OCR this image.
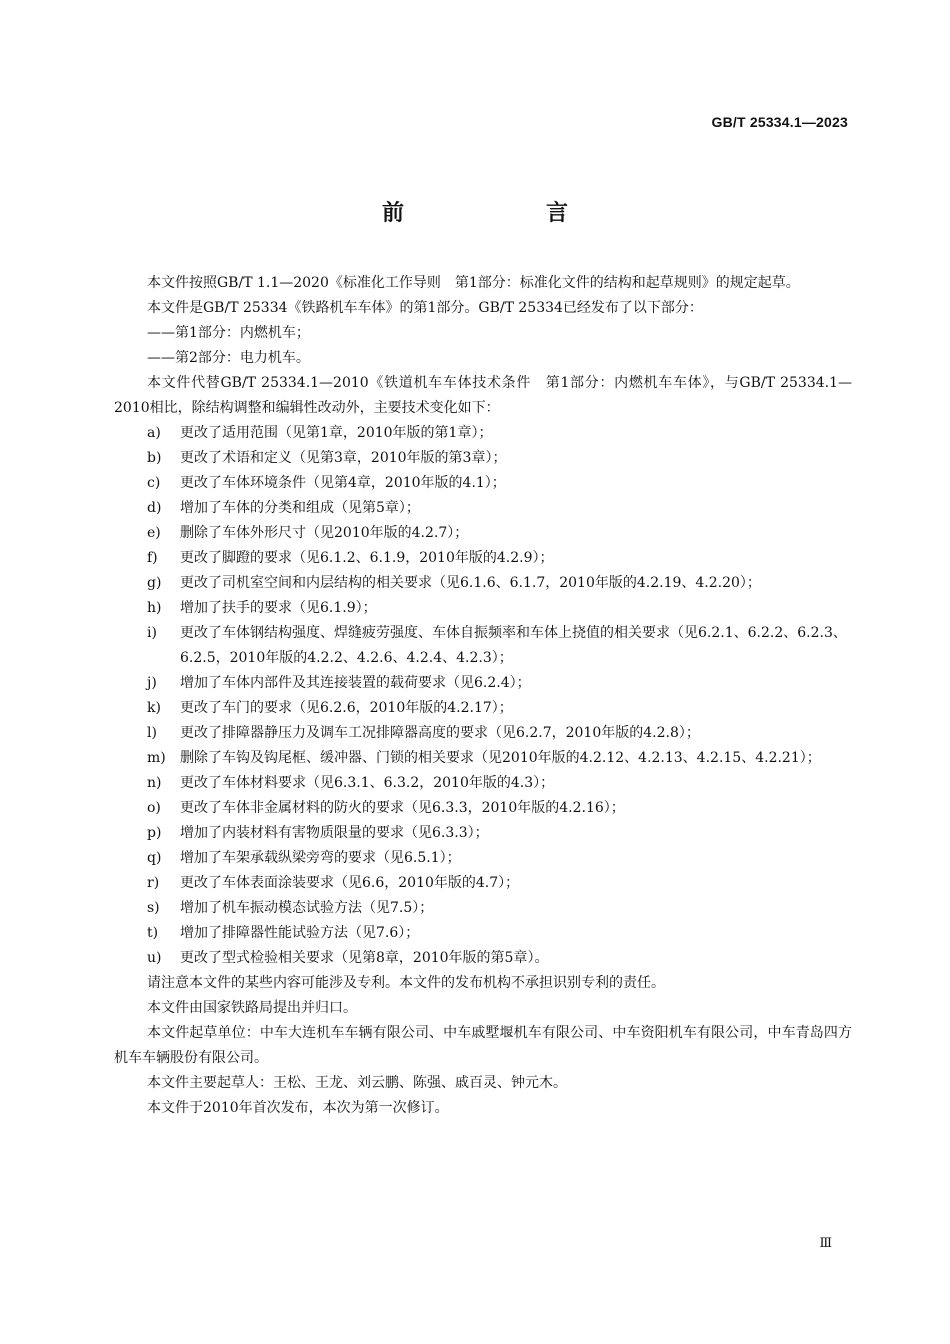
GB/T 25334.1—2023
前　言
本文件按照GB/T 1.1—2020《标准化工作导则　第1部分：标准化文件的结构和起草规则》的规定起草。
本文件是GB/T 25334《铁路机车车体》的第1部分。GB/T 25334已经发布了以下部分：
——第1部分：内燃机车；
——第2部分：电力机车。
本文件代替GB/T 25334.1—2010《铁道机车车体技术条件　第1部分：内燃机车车体》，与GB/T 25334.1—2010相比，除结构调整和编辑性改动外，主要技术变化如下：
a)	更改了适用范围（见第1章，2010年版的第1章）；
b)	更改了术语和定义（见第3章，2010年版的第3章）；
c)	更改了车体环境条件（见第4章，2010年版的4.1）；
d)	增加了车体的分类和组成（见第5章）；
e)	删除了车体外形尺寸（见2010年版的4.2.7）；
f)	更改了脚蹬的要求（见6.1.2、6.1.9，2010年版的4.2.9）；
g)	更改了司机室空间和内层结构的相关要求（见6.1.6、6.1.7，2010年版的4.2.19、4.2.20）；
h)	增加了扶手的要求（见6.1.9）；
i)	更改了车体钢结构强度、焊缝疲劳强度、车体自振频率和车体上挠值的相关要求（见6.2.1、6.2.2、6.2.3、6.2.5，2010年版的4.2.2、4.2.6、4.2.4、4.2.3）；
j)	增加了车体内部件及其连接装置的载荷要求（见6.2.4）；
k)	更改了车门的要求（见6.2.6，2010年版的4.2.17）；
l)	更改了排障器静压力及调车工况排障器高度的要求（见6.2.7，2010年版的4.2.8）；
m)	删除了车钩及钩尾框、缓冲器、门锁的相关要求（见2010年版的4.2.12、4.2.13、4.2.15、4.2.21）；
n)	更改了车体材料要求（见6.3.1、6.3.2，2010年版的4.3）；
o)	更改了车体非金属材料的防火的要求（见6.3.3，2010年版的4.2.16）；
p)	增加了内装材料有害物质限量的要求（见6.3.3）；
q)	增加了车架承载纵梁旁弯的要求（见6.5.1）；
r)	更改了车体表面涂装要求（见6.6，2010年版的4.7）；
s)	增加了机车振动模态试验方法（见7.5）；
t)	增加了排障器性能试验方法（见7.6）；
u)	更改了型式检验相关要求（见第8章，2010年版的第5章）。
请注意本文件的某些内容可能涉及专利。本文件的发布机构不承担识别专利的责任。
本文件由国家铁路局提出并归口。
本文件起草单位：中车大连机车车辆有限公司、中车戚墅堰机车有限公司、中车资阳机车有限公司，中车青岛四方机车车辆股份有限公司。
本文件主要起草人：王松、王龙、刘云鹏、陈强、戚百灵、钟元木。
本文件于2010年首次发布，本次为第一次修订。
Ⅲ
